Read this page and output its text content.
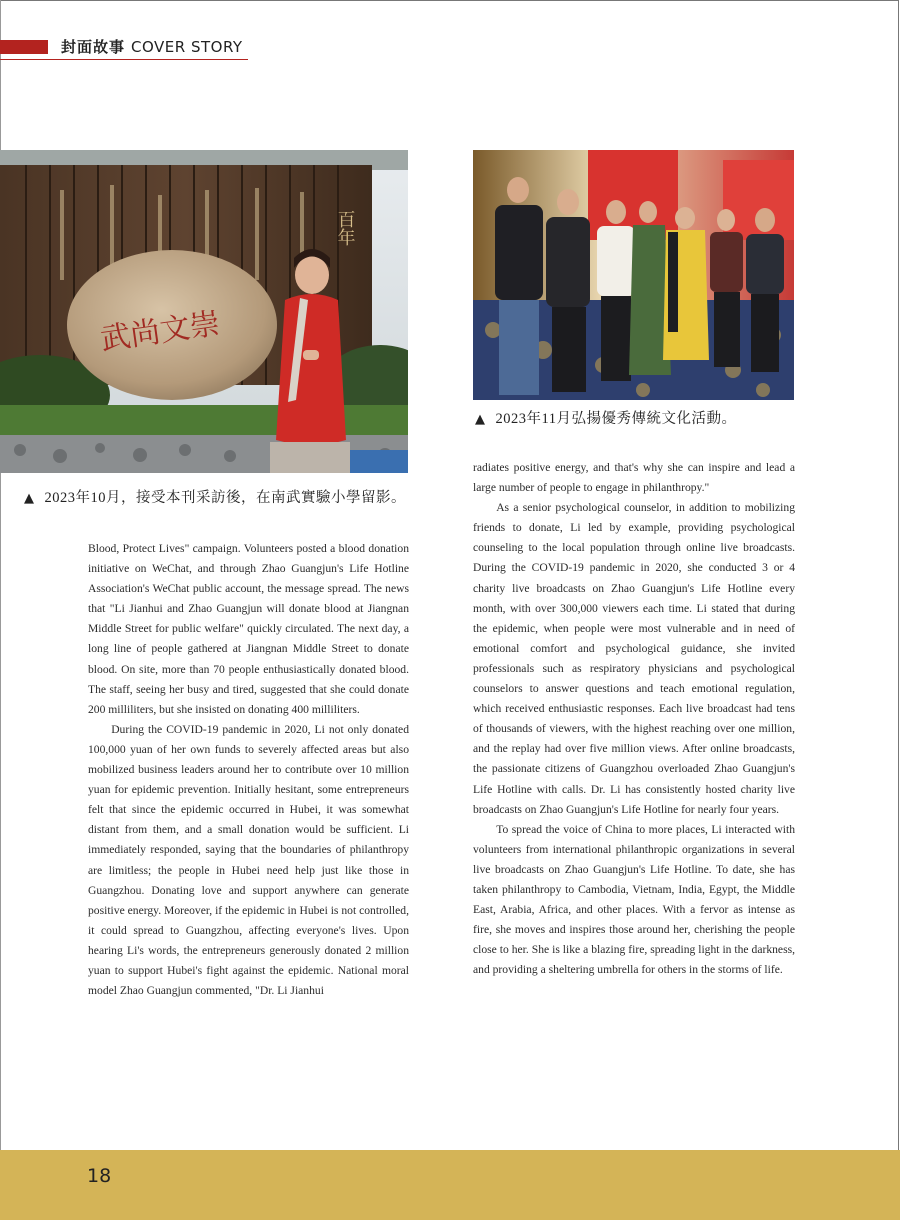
封面故事 COVER STORY
百年
武尚文崇
▲ 2023年10月，接受本刊采訪後，在南武實驗小學留影。
▲ 2023年11月弘揚優秀傳統文化活動。

Blood, Protect Lives" campaign. Volunteers posted a blood donation initiative on WeChat, and through Zhao Guangjun's Life Hotline Association's WeChat public account, the message spread. The news that "Li Jianhui and Zhao Guangjun will donate blood at Jiangnan Middle Street for public welfare" quickly circulated. The next day, a long line of people gathered at Jiangnan Middle Street to donate blood. On site, more than 70 people enthusiastically donated blood. The staff, seeing her busy and tired, suggested that she could donate 200 milliliters, but she insisted on donating 400 milliliters.

During the COVID-19 pandemic in 2020, Li not only donated 100,000 yuan of her own funds to severely affected areas but also mobilized business leaders around her to contribute over 10 million yuan for epidemic prevention. Initially hesitant, some entrepreneurs felt that since the epidemic occurred in Hubei, it was somewhat distant from them, and a small donation would be sufficient. Li immediately responded, saying that the boundaries of philanthropy are limitless; the people in Hubei need help just like those in Guangzhou. Donating love and support anywhere can generate positive energy. Moreover, if the epidemic in Hubei is not controlled, it could spread to Guangzhou, affecting everyone's lives. Upon hearing Li's words, the entrepreneurs generously donated 2 million yuan to support Hubei's fight against the epidemic. National moral model Zhao Guangjun commented, "Dr. Li Jianhui

radiates positive energy, and that's why she can inspire and lead a large number of people to engage in philanthropy."

As a senior psychological counselor, in addition to mobilizing friends to donate, Li led by example, providing psychological counseling to the local population through online live broadcasts. During the COVID-19 pandemic in 2020, she conducted 3 or 4 charity live broadcasts on Zhao Guangjun's Life Hotline every month, with over 300,000 viewers each time. Li stated that during the epidemic, when people were most vulnerable and in need of emotional comfort and psychological guidance, she invited professionals such as respiratory physicians and psychological counselors to answer questions and teach emotional regulation, which received enthusiastic responses. Each live broadcast had tens of thousands of viewers, with the highest reaching over one million, and the replay had over five million views. After online broadcasts, the passionate citizens of Guangzhou overloaded Zhao Guangjun's Life Hotline with calls. Dr. Li has consistently hosted charity live broadcasts on Zhao Guangjun's Life Hotline for nearly four years.

To spread the voice of China to more places, Li interacted with volunteers from international philanthropic organizations in several live broadcasts on Zhao Guangjun's Life Hotline. To date, she has taken philanthropy to Cambodia, Vietnam, India, Egypt, the Middle East, Arabia, Africa, and other places. With a fervor as intense as fire, she moves and inspires those around her, cherishing the people close to her. She is like a blazing fire, spreading light in the darkness, and providing a sheltering umbrella for others in the storms of life.

18
